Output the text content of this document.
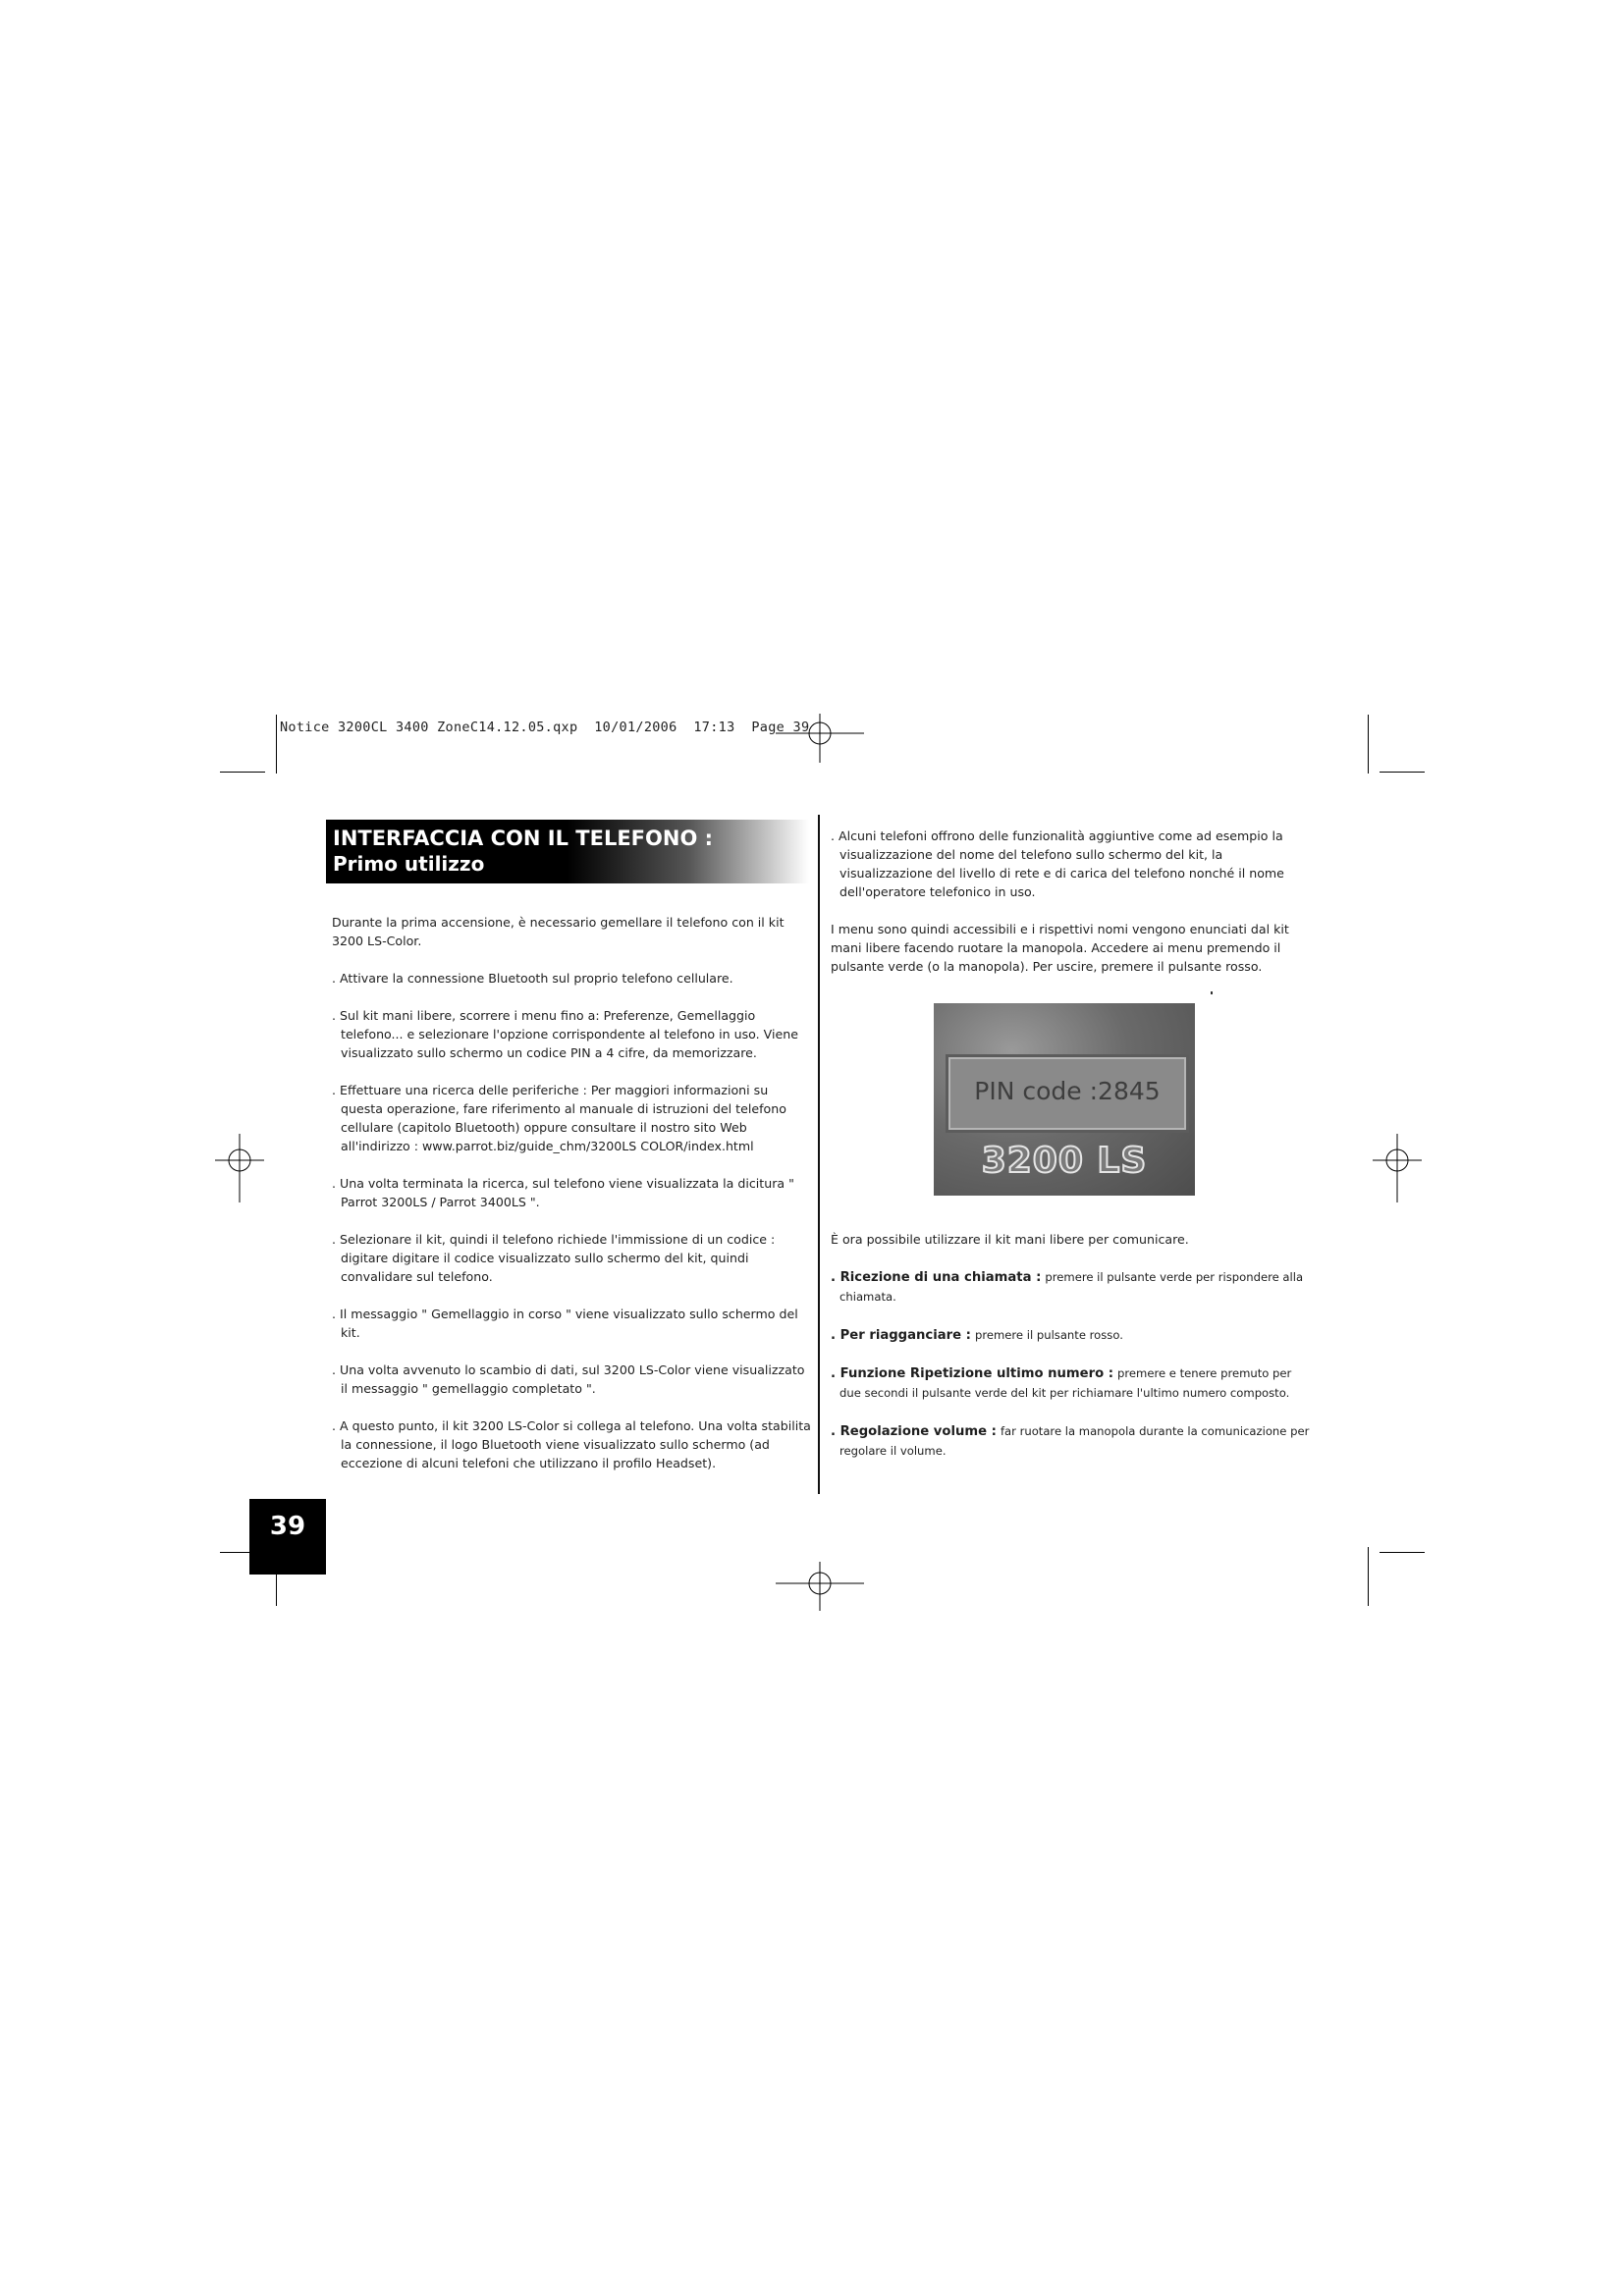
Notice 3200CL 3400 ZoneC14.12.05.qxp  10/01/2006  17:13  Page 39
INTERFACCIA CON IL TELEFONO :
Primo utilizzo

Durante la prima accensione, è necessario gemellare il telefono con il kit 3200 LS-Color.

. Attivare la connessione Bluetooth sul proprio telefono cellulare.

. Sul kit mani libere, scorrere i menu fino a: Preferenze, Gemellaggio telefono... e selezionare l'opzione corrispondente al telefono in uso. Viene visualizzato sullo schermo un codice PIN a 4 cifre, da memorizzare.

. Effettuare una ricerca delle periferiche : Per maggiori informazioni su questa operazione, fare riferimento al manuale di istruzioni del telefono cellulare (capitolo Bluetooth) oppure consultare il nostro sito Web all'indirizzo : www.parrot.biz/guide_chm/3200LS COLOR/index.html

. Una volta terminata la ricerca, sul telefono viene visualizzata la dicitura " Parrot 3200LS / Parrot 3400LS ".

. Selezionare il kit, quindi il telefono richiede l'immissione di un codice : digitare digitare il codice visualizzato sullo schermo del kit, quindi convalidare sul telefono.

. Il messaggio " Gemellaggio in corso " viene visualizzato sullo schermo del kit.

. Una volta avvenuto lo scambio di dati, sul 3200 LS-Color viene visualizzato il messaggio " gemellaggio completato ".

. A questo punto, il kit 3200 LS-Color si collega al telefono. Una volta stabilita la connessione, il logo Bluetooth viene visualizzato sullo schermo (ad eccezione di alcuni telefoni che utilizzano il profilo Headset).

. Alcuni telefoni offrono delle funzionalità aggiuntive come ad esempio la visualizzazione del nome del telefono sullo schermo del kit, la visualizzazione del livello di rete e di carica del telefono nonché il nome dell'operatore telefonico in uso.

I menu sono quindi accessibili e i rispettivi nomi vengono enunciati dal kit mani libere facendo ruotare la manopola. Accedere ai menu premendo il pulsante verde (o la manopola). Per uscire, premere il pulsante rosso.

PIN code :2845
3200 LS

È ora possibile utilizzare il kit mani libere per comunicare.

. Ricezione di una chiamata : premere il pulsante verde per rispondere alla chiamata.

. Per riagganciare : premere il pulsante rosso.

. Funzione Ripetizione ultimo numero : premere e tenere premuto per due secondi il pulsante verde del kit per richiamare l'ultimo numero composto.

. Regolazione volume : far ruotare la manopola durante la comunicazione per regolare il volume.

39
